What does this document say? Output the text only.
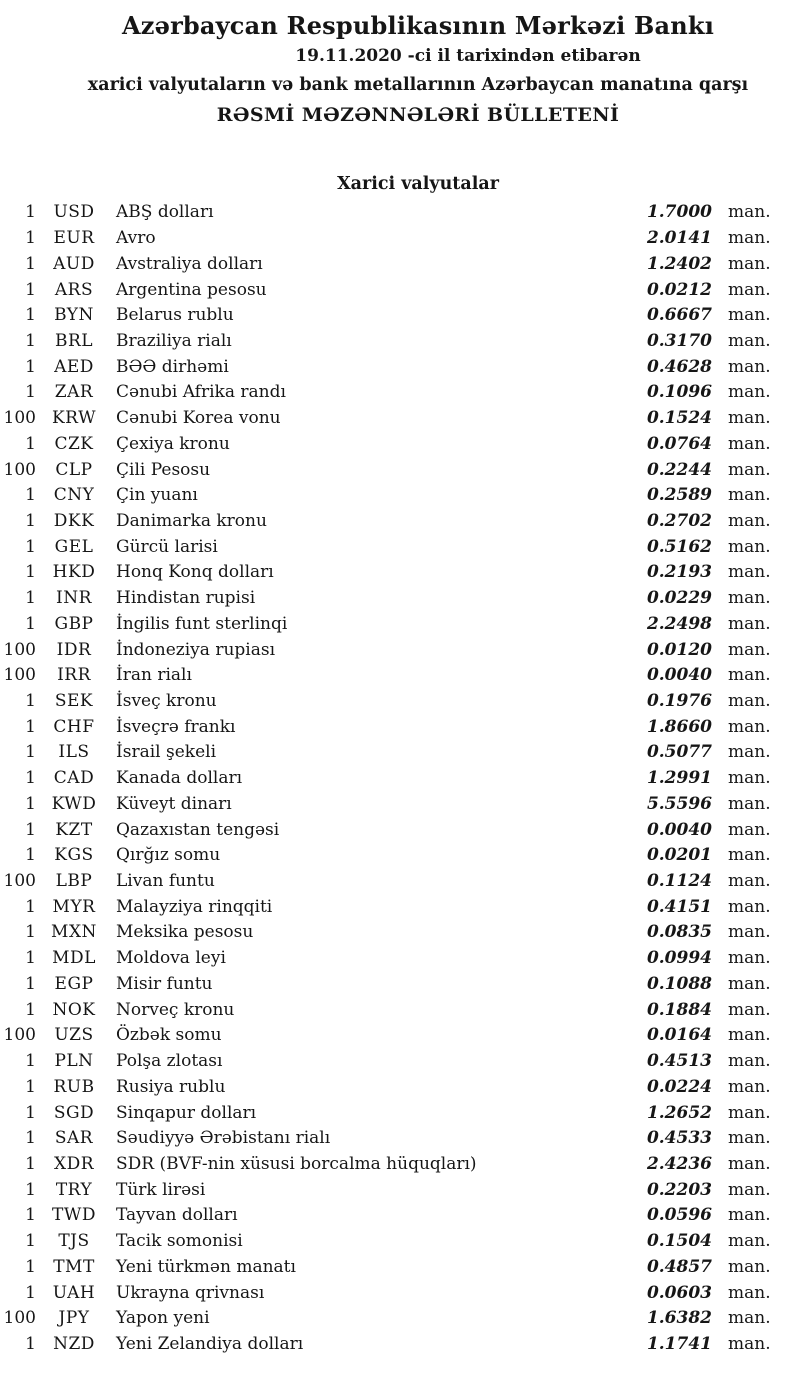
Azərbaycan Respublikasının Mərkəzi Bankı
19.11.2020 -ci il tarixindən etibarən
xarici valyutaların və bank metallarının Azərbaycan manatına qarşı
RƏSMİ MƏZƏNNƏLƏRİ BÜLLETENİ
Xarici valyutalar
1	USD	ABŞ dolları	1.7000 man.
1	EUR	Avro	2.0141 man.
1	AUD	Avstraliya dolları	1.2402 man.
1	ARS	Argentina pesosu	0.0212 man.
1	BYN	Belarus rublu	0.6667 man.
1	BRL	Braziliya rialı	0.3170 man.
1	AED	BƏƏ dirhəmi	0.4628 man.
1	ZAR	Cənubi Afrika randı	0.1096 man.
100 KRW	Cənubi Korea vonu	0.1524 man.
1	CZK	Çexiya kronu	0.0764 man.
100	CLP	Çili Pesosu	0.2244 man.
1	CNY	Çin yuanı	0.2589 man.
1	DKK	Danimarka kronu	0.2702 man.
1	GEL	Gürcü larisi	0.5162 man.
1 HKD	Honq Konq dolları	0.2193 man.
1	INR	Hindistan rupisi	0.0229 man.
1	GBP	İngilis funt sterlinqi	2.2498 man.
100	IDR	İndoneziya rupiası	0.0120 man.
100	IRR	İran rialı	0.0040 man.
1	SEK	İsveç kronu	0.1976 man.
1	CHF	İsveçrə frankı	1.8660 man.
1	ILS	İsrail şekeli	0.5077 man.
1	CAD	Kanada dolları	1.2991 man.
1 KWD	Küveyt dinarı	5.5596 man.
1	KZT	Qazaxıstan tengəsi	0.0040 man.
1	KGS	Qırğız somu	0.0201 man.
100	LBP	Livan funtu	0.1124 man.
1 MYR	Malayziya rinqqiti	0.4151 man.
1 MXN	Meksika pesosu	0.0835 man.
1 MDL	Moldova leyi	0.0994 man.
1	EGP	Misir funtu	0.1088 man.
1 NOK	Norveç kronu	0.1884 man.
100	UZS	Özbək somu	0.0164 man.
1	PLN	Polşa zlotası	0.4513 man.
1	RUB	Rusiya rublu	0.0224 man.
1	SGD	Sinqapur dolları	1.2652 man.
1	SAR	Səudiyyə Ərəbistanı rialı	0.4533 man.
1	XDR	SDR (BVF-nin xüsusi borcalma hüquqları)	2.4236 man.
1	TRY	Türk lirəsi	0.2203 man.
1 TWD	Tayvan dolları	0.0596 man.
1	TJS	Tacik somonisi	0.1504 man.
1	TMT	Yeni türkmən manatı	0.4857 man.
1 UAH	Ukrayna qrivnası	0.0603 man.
100	JPY	Yapon yeni	1.6382 man.
1	NZD	Yeni Zelandiya dolları	1.1741 man.
